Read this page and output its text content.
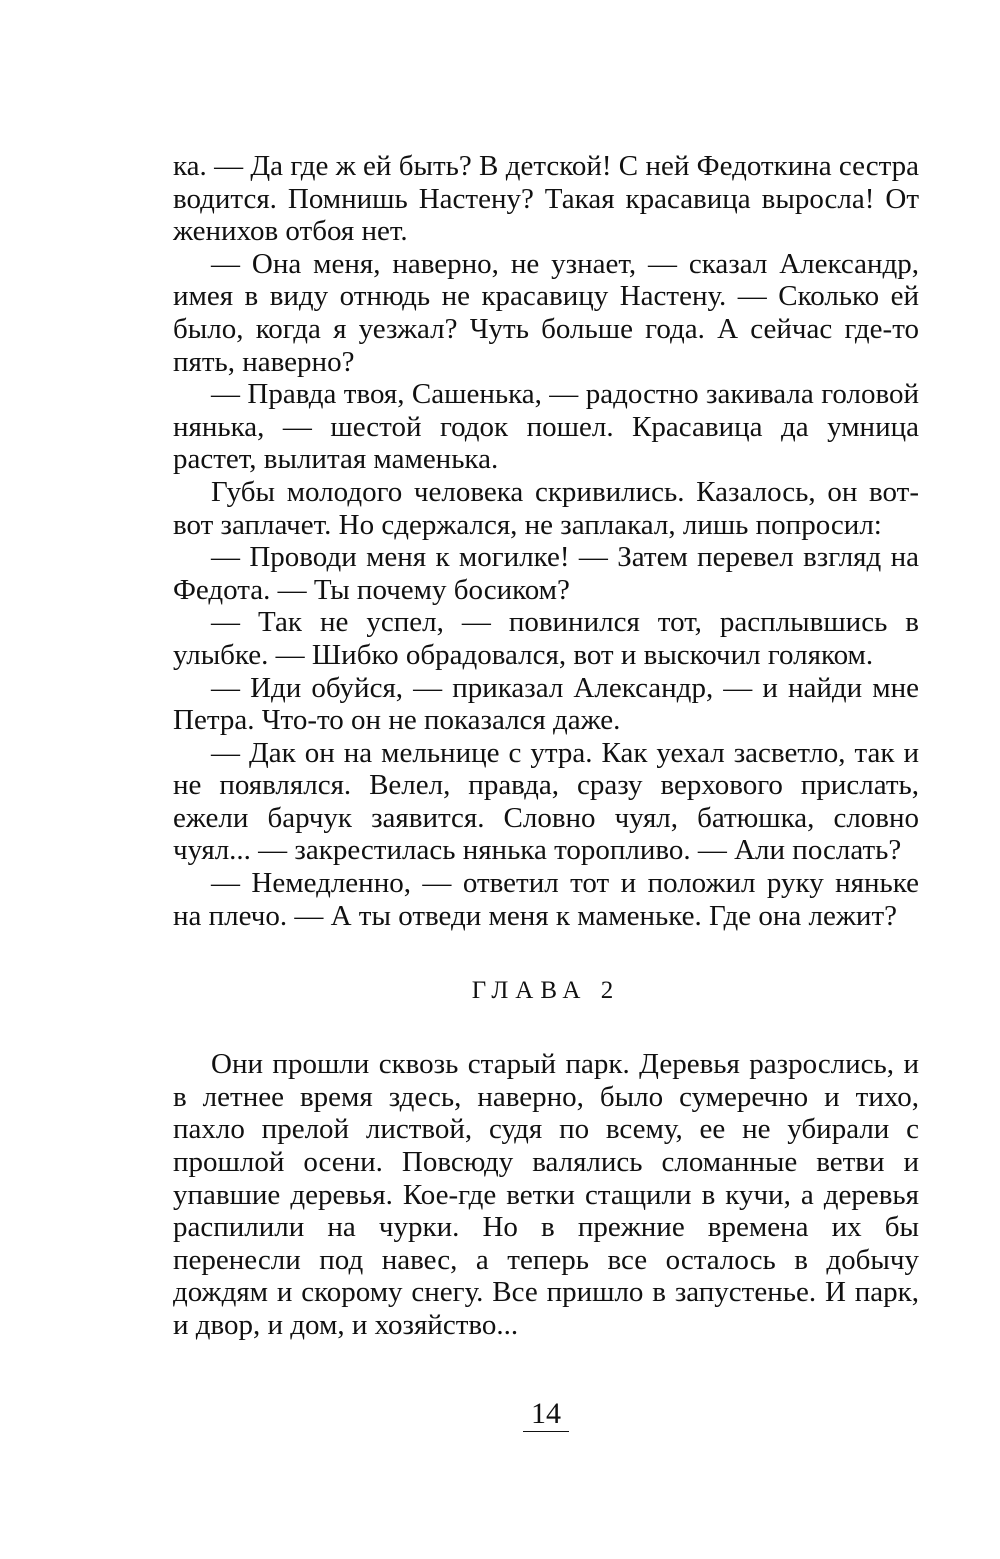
ка. — Да где ж ей быть? В детской! С ней Федоткина сестра водится. Помнишь Настену? Такая красавица выросла! От женихов отбоя нет.

— Она меня, наверно, не узнает, — сказал Александр, имея в виду отнюдь не красавицу Настену. — Сколько ей было, когда я уезжал? Чуть больше года. А сейчас где-то пять, наверно?

— Правда твоя, Сашенька, — радостно закивала головой нянька, — шестой годок пошел. Красавица да умница растет, вылитая маменька.

Губы молодого человека скривились. Казалось, он вот-вот заплачет. Но сдержался, не заплакал, лишь попросил:

— Проводи меня к могилке! — Затем перевел взгляд на Федота. — Ты почему босиком?

— Так не успел, — повинился тот, расплывшись в улыбке. — Шибко обрадовался, вот и выскочил голяком.

— Иди обуйся, — приказал Александр, — и найди мне Петра. Что-то он не показался даже.

— Дак он на мельнице с утра. Как уехал засветло, так и не появлялся. Велел, правда, сразу верхового прислать, ежели барчук заявится. Словно чуял, батюшка, словно чуял... — закрестилась нянька торопливо. — Али послать?

— Немедленно, — ответил тот и положил руку няньке на плечо. — А ты отведи меня к маменьке. Где она лежит?

ГЛАВА 2

Они прошли сквозь старый парк. Деревья разрослись, и в летнее время здесь, наверно, было сумеречно и тихо, пахло прелой листвой, судя по всему, ее не убирали с прошлой осени. Повсюду валялись сломанные ветви и упавшие деревья. Кое-где ветки стащили в кучи, а деревья распилили на чурки. Но в прежние времена их бы перенесли под навес, а теперь все осталось в добычу дождям и скорому снегу. Все пришло в запустенье. И парк, и двор, и дом, и хозяйство...

14
